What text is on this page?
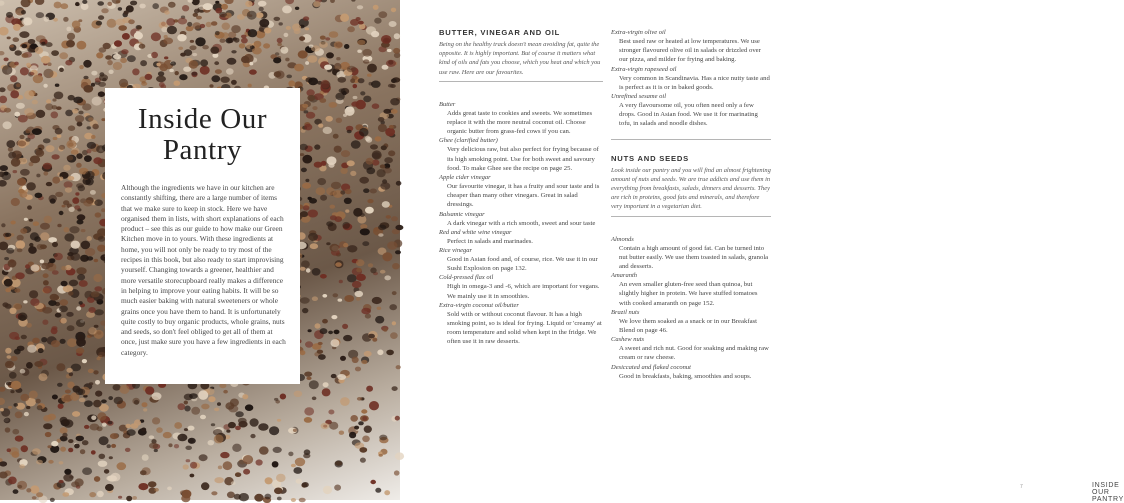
Inside Our Pantry

Although the ingredients we have in our kitchen are constantly shifting, there are a large number of items that we make sure to keep in stock. Here we have organised them in lists, with short explanations of each product – see this as our guide to how make our Green Kitchen move in to yours. With these ingredients at home, you will not only be ready to try most of the recipes in this book, but also ready to start improvising yourself. Changing towards a greener, healthier and more versatile storecupboard really makes a difference in helping to improve your eating habits. It will be so much easier baking with natural sweeteners or whole grains once you have them to hand. It is unfortunately quite costly to buy organic products, whole grains, nuts and seeds, so don't feel obliged to get all of them at once, just make sure you have a few ingredients in each category.

BUTTER, VINEGAR AND OIL

Being on the healthy track doesn't mean avoiding fat, quite the opposite. It is highly important. But of course it matters what kind of oils and fats you choose, which you heat and which you use raw. Here are our favourites.

Butter

Adds great taste to cookies and sweets. We sometimes replace it with the more neutral coconut oil. Choose organic butter from grass-fed cows if you can.

Ghee (clarified butter)

Very delicious raw, but also perfect for frying because of its high smoking point. Use for both sweet and savoury food. To make Ghee see the recipe on page 25.

Apple cider vinegar

Our favourite vinegar, it has a fruity and sour taste and is cheaper than many other vinegars. Great in salad dressings.

Balsamic vinegar

A dark vinegar with a rich smooth, sweet and sour taste

Red and white wine vinegar

Perfect in salads and marinades.

Rice vinegar

Good in Asian food and, of course, rice. We use it in our Sushi Explosion on page 132.

Cold-pressed flax oil

High in omega-3 and -6, which are important for vegans. We mainly use it in smoothies.

Extra-virgin coconut oil/butter

Sold with or without coconut flavour. It has a high smoking point, so is ideal for frying. Liquid or 'creamy' at room temperature and solid when kept in the fridge. We often use it in raw desserts.

Extra-virgin olive oil

Best used raw or heated at low temperatures. We use stronger flavoured olive oil in salads or drizzled over our pizza, and milder for frying and baking.

Extra-virgin rapeseed oil

Very common in Scandinavia. Has a nice nutty taste and is perfect as it is or in baked goods.

Unrefined sesame oil

A very flavoursome oil, you often need only a few drops. Good in Asian food. We use it for marinating tofu, in salads and noodle dishes.

NUTS AND SEEDS

Look inside our pantry and you will find an almost frightening amount of nuts and seeds. We are true addicts and use them in everything from breakfasts, salads, dinners and desserts. They are rich in proteins, good fats and minerals, and therefore very important in a vegetarian diet.

Almonds

Contain a high amount of good fat. Can be turned into nut butter easily. We use them toasted in salads, granola and desserts.

Amaranth

An even smaller gluten-free seed than quinoa, but slightly higher in protein. We have stuffed tomatoes with cooked amaranth on page 152.

Brazil nuts

We love them soaked as a snack or in our Breakfast Blend on page 46.

Cashew nuts

A sweet and rich nut. Good for soaking and making raw cream or raw cheese.

Desiccated and flaked coconut

Good in breakfasts, baking, smoothies and soups.

7	INSIDE OUR PANTRY
